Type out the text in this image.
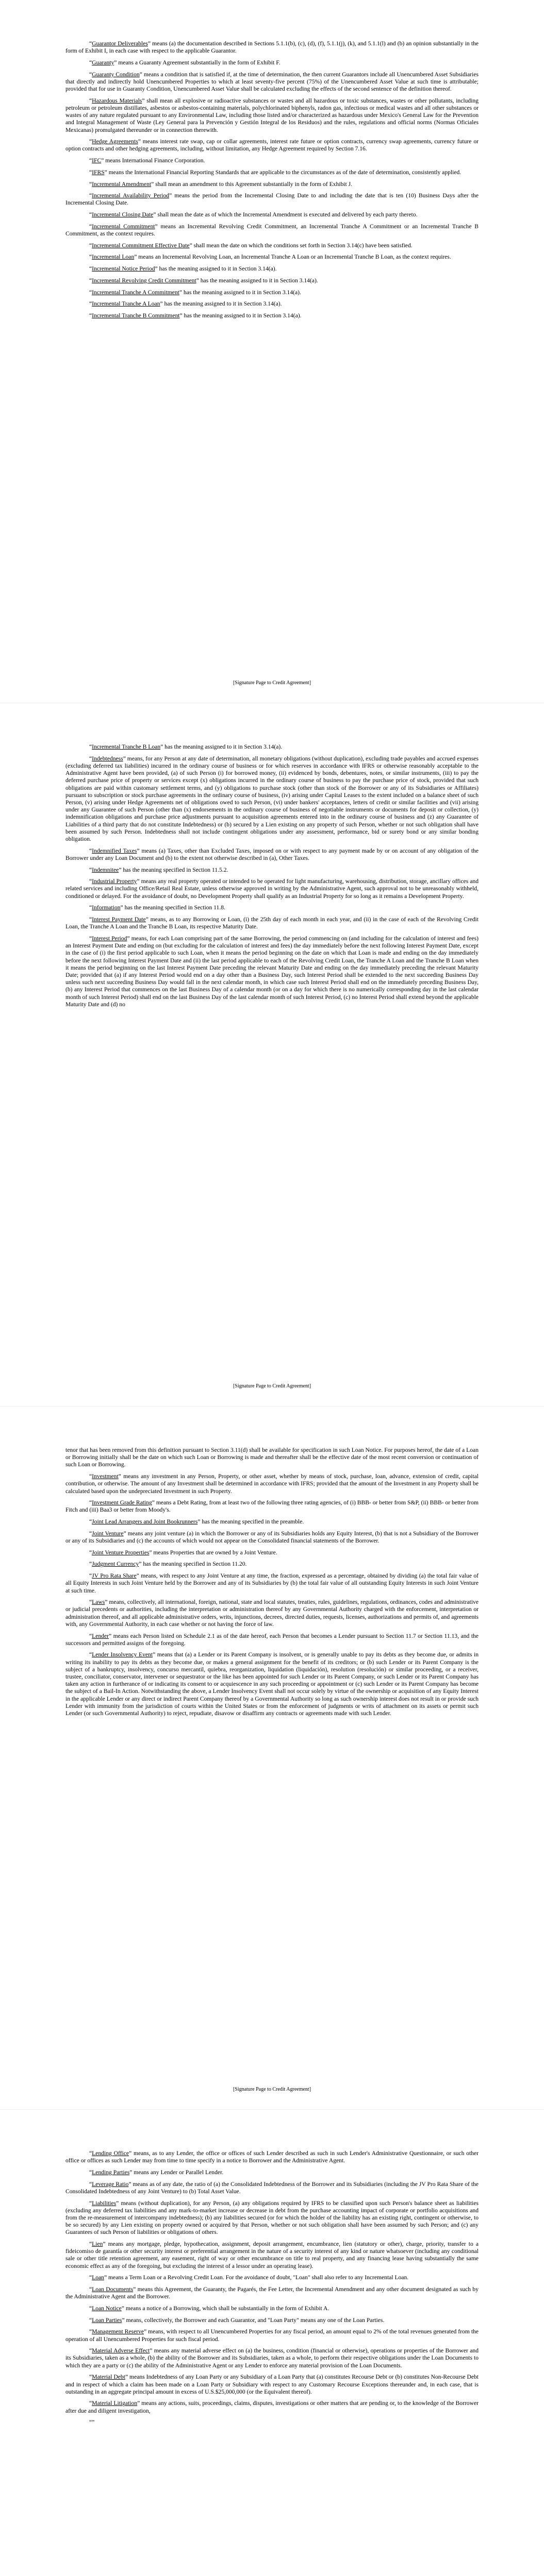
“Guarantor Deliverables” means (a) the documentation described in Sections 5.1.1(b), (c), (d), (f), 5.1.1(j), (k), and 5.1.1(l) and (b) an opinion substantially in the form of Exhibit I, in each case with respect to the applicable Guarantor.

“Guaranty” means a Guaranty Agreement substantially in the form of Exhibit F.

“Guaranty Condition” means a condition that is satisfied if, at the time of determination, the then current Guarantors include all Unencumbered Asset Subsidiaries that directly and indirectly hold Unencumbered Properties to which at least seventy-five percent (75%) of the Unencumbered Asset Value at such time is attributable; provided that for use in Guaranty Condition, Unencumbered Asset Value shall be calculated excluding the effects of the second sentence of the definition thereof.

“Hazardous Materials” shall mean all explosive or radioactive substances or wastes and all hazardous or toxic substances, wastes or other pollutants, including petroleum or petroleum distillates, asbestos or asbestos-containing materials, polychlorinated biphenyls, radon gas, infectious or medical wastes and all other substances or wastes of any nature regulated pursuant to any Environmental Law, including those listed and/or characterized as hazardous under Mexico's General Law for the Prevention and Integral Management of Waste (Ley General para la Prevención y Gestión Integral de los Residuos) and the rules, regulations and official norms (Normas Oficiales Mexicanas) promulgated thereunder or in connection therewith.

“Hedge Agreements” means interest rate swap, cap or collar agreements, interest rate future or option contracts, currency swap agreements, currency future or option contracts and other hedging agreements, including, without limitation, any Hedge Agreement required by Section 7.16.

“IFC” means International Finance Corporation.

“IFRS” means the International Financial Reporting Standards that are applicable to the circumstances as of the date of determination, consistently applied.

“Incremental Amendment” shall mean an amendment to this Agreement substantially in the form of Exhibit J.

“Incremental Availability Period” means the period from the Incremental Closing Date to and including the date that is ten (10) Business Days after the Incremental Closing Date.

“Incremental Closing Date” shall mean the date as of which the Incremental Amendment is executed and delivered by each party thereto.

“Incremental Commitment” means an Incremental Revolving Credit Commitment, an Incremental Tranche A Commitment or an Incremental Tranche B Commitment, as the context requires.

“Incremental Commitment Effective Date” shall mean the date on which the conditions set forth in Section 3.14(c) have been satisfied.

“Incremental Loan” means an Incremental Revolving Loan, an Incremental Tranche A Loan or an Incremental Tranche B Loan, as the context requires.

“Incremental Notice Period” has the meaning assigned to it in Section 3.14(a).

“Incremental Revolving Credit Commitment” has the meaning assigned to it in Section 3.14(a).

“Incremental Tranche A Commitment” has the meaning assigned to it in Section 3.14(a).

“Incremental Tranche A Loan” has the meaning assigned to it in Section 3.14(a).

“Incremental Tranche B Commitment” has the meaning assigned to it in Section 3.14(a).

[Signature Page to Credit Agreement]

“Incremental Tranche B Loan” has the meaning assigned to it in Section 3.14(a).

“Indebtedness” means, for any Person at any date of determination, all monetary obligations (without duplication), excluding trade payables and accrued expenses (excluding deferred tax liabilities) incurred in the ordinary course of business or for which reserves in accordance with IFRS or otherwise reasonably acceptable to the Administrative Agent have been provided, (a) of such Person (i) for borrowed money, (ii) evidenced by bonds, debentures, notes, or similar instruments, (iii) to pay the deferred purchase price of property or services except (x) obligations incurred in the ordinary course of business to pay the purchase price of stock, provided that such obligations are paid within customary settlement terms, and (y) obligations to purchase stock (other than stock of the Borrower or any of its Subsidiaries or Affiliates) pursuant to subscription or stock purchase agreements in the ordinary course of business, (iv) arising under Capital Leases to the extent included on a balance sheet of such Person, (v) arising under Hedge Agreements net of obligations owed to such Person, (vi) under bankers' acceptances, letters of credit or similar facilities and (vii) arising under any Guarantee of such Person (other than (x) endorsements in the ordinary course of business of negotiable instruments or documents for deposit or collection, (y) indemnification obligations and purchase price adjustments pursuant to acquisition agreements entered into in the ordinary course of business and (z) any Guarantee of Liabilities of a third party that do not constitute Indebtedness) or (b) secured by a Lien existing on any property of such Person, whether or not such obligation shall have been assumed by such Person. Indebtedness shall not include contingent obligations under any assessment, performance, bid or surety bond or any similar bonding obligation.

“Indemnified Taxes” means (a) Taxes, other than Excluded Taxes, imposed on or with respect to any payment made by or on account of any obligation of the Borrower under any Loan Document and (b) to the extent not otherwise described in (a), Other Taxes.

“Indemnitee” has the meaning specified in Section 11.5.2.

“Industrial Property” means any real property operated or intended to be operated for light manufacturing, warehousing, distribution, storage, ancillary offices and related services and including Office/Retail Real Estate, unless otherwise approved in writing by the Administrative Agent, such approval not to be unreasonably withheld, conditioned or delayed. For the avoidance of doubt, no Development Property shall qualify as an Industrial Property for so long as it remains a Development Property.

“Information” has the meaning specified in Section 11.8.

“Interest Payment Date” means, as to any Borrowing or Loan, (i) the 25th day of each month in each year, and (ii) in the case of each of the Revolving Credit Loan, the Tranche A Loan and the Tranche B Loan, its respective Maturity Date.

“Interest Period” means, for each Loan comprising part of the same Borrowing, the period commencing on (and including for the calculation of interest and fees) an Interest Payment Date and ending on (but excluding for the calculation of interest and fees) the day immediately before the next following Interest Payment Date, except in the case of (i) the first period applicable to such Loan, when it means the period beginning on the date on which that Loan is made and ending on the day immediately before the next following Interest Payment Date and (ii) the last period applicable to each of the Revolving Credit Loan, the Tranche A Loan and the Tranche B Loan when it means the period beginning on the last Interest Payment Date preceding the relevant Maturity Date and ending on the day immediately preceding the relevant Maturity Date; provided that (a) if any Interest Period would end on a day other than a Business Day, such Interest Period shall be extended to the next succeeding Business Day unless such next succeeding Business Day would fall in the next calendar month, in which case such Interest Period shall end on the immediately preceding Business Day, (b) any Interest Period that commences on the last Business Day of a calendar month (or on a day for which there is no numerically corresponding day in the last calendar month of such Interest Period) shall end on the last Business Day of the last calendar month of such Interest Period, (c) no Interest Period shall extend beyond the applicable Maturity Date and (d) no

[Signature Page to Credit Agreement]

tenor that has been removed from this definition pursuant to Section 3.11(d) shall be available for specification in such Loan Notice. For purposes hereof, the date of a Loan or Borrowing initially shall be the date on which such Loan or Borrowing is made and thereafter shall be the effective date of the most recent conversion or continuation of such Loan or Borrowing.

“Investment” means any investment in any Person, Property, or other asset, whether by means of stock, purchase, loan, advance, extension of credit, capital contribution, or otherwise. The amount of any Investment shall be determined in accordance with IFRS; provided that the amount of the Investment in any Property shall be calculated based upon the undepreciated Investment in such Property.

“Investment Grade Rating” means a Debt Rating, from at least two of the following three rating agencies, of (i) BBB- or better from S&P, (ii) BBB- or better from Fitch and (iii) Baa3 or better from Moody's.

“Joint Lead Arrangers and Joint Bookrunners” has the meaning specified in the preamble.

“Joint Venture” means any joint venture (a) in which the Borrower or any of its Subsidiaries holds any Equity Interest, (b) that is not a Subsidiary of the Borrower or any of its Subsidiaries and (c) the accounts of which would not appear on the Consolidated financial statements of the Borrower.

“Joint Venture Properties” means Properties that are owned by a Joint Venture.

“Judgment Currency” has the meaning specified in Section 11.20.

“JV Pro Rata Share” means, with respect to any Joint Venture at any time, the fraction, expressed as a percentage, obtained by dividing (a) the total fair value of all Equity Interests in such Joint Venture held by the Borrower and any of its Subsidiaries by (b) the total fair value of all outstanding Equity Interests in such Joint Venture at such time.

“Laws” means, collectively, all international, foreign, national, state and local statutes, treaties, rules, guidelines, regulations, ordinances, codes and administrative or judicial precedents or authorities, including the interpretation or administration thereof by any Governmental Authority charged with the enforcement, interpretation or administration thereof, and all applicable administrative orders, writs, injunctions, decrees, directed duties, requests, licenses, authorizations and permits of, and agreements with, any Governmental Authority, in each case whether or not having the force of law.

“Lender” means each Person listed on Schedule 2.1 as of the date hereof, each Person that becomes a Lender pursuant to Section 11.7 or Section 11.13, and the successors and permitted assigns of the foregoing.

“Lender Insolvency Event” means that (a) a Lender or its Parent Company is insolvent, or is generally unable to pay its debts as they become due, or admits in writing its inability to pay its debts as they become due, or makes a general assignment for the benefit of its creditors; or (b) such Lender or its Parent Company is the subject of a bankruptcy, insolvency, concurso mercantil, quiebra, reorganization, liquidation (liquidación), resolution (resolución) or similar proceeding, or a receiver, trustee, conciliator, conservator, intervener or sequestrator or the like has been appointed for such Lender or its Parent Company, or such Lender or its Parent Company has taken any action in furtherance of or indicating its consent to or acquiescence in any such proceeding or appointment or (c) such Lender or its Parent Company has become the subject of a Bail-In Action. Notwithstanding the above, a Lender Insolvency Event shall not occur solely by virtue of the ownership or acquisition of any Equity Interest in the applicable Lender or any direct or indirect Parent Company thereof by a Governmental Authority so long as such ownership interest does not result in or provide such Lender with immunity from the jurisdiction of courts within the United States or from the enforcement of judgments or writs of attachment on its assets or permit such Lender (or such Governmental Authority) to reject, repudiate, disavow or disaffirm any contracts or agreements made with such Lender.

[Signature Page to Credit Agreement]

“Lending Office” means, as to any Lender, the office or offices of such Lender described as such in such Lender's Administrative Questionnaire, or such other office or offices as such Lender may from time to time specify in a notice to Borrower and the Administrative Agent.

“Lending Parties” means any Lender or Parallel Lender.

“Leverage Ratio” means as of any date, the ratio of (a) the Consolidated Indebtedness of the Borrower and its Subsidiaries (including the JV Pro Rata Share of the Consolidated Indebtedness of any Joint Venture) to (b) Total Asset Value.

“Liabilities” means (without duplication), for any Person, (a) any obligations required by IFRS to be classified upon such Person's balance sheet as liabilities (excluding any deferred tax liabilities and any mark-to-market increase or decrease in debt from the purchase accounting impact of corporate or portfolio acquisitions and from the re-measurement of intercompany indebtedness); (b) any liabilities secured (or for which the holder of the liability has an existing right, contingent or otherwise, to be so secured) by any Lien existing on property owned or acquired by that Person, whether or not such obligation shall have been assumed by such Person; and (c) any Guarantees of such Person of liabilities or obligations of others.

“Lien” means any mortgage, pledge, hypothecation, assignment, deposit arrangement, encumbrance, lien (statutory or other), charge, priority, transfer to a fideicomiso de garantía or other security interest or preferential arrangement in the nature of a security interest of any kind or nature whatsoever (including any conditional sale or other title retention agreement, any easement, right of way or other encumbrance on title to real property, and any financing lease having substantially the same economic effect as any of the foregoing, but excluding the interest of a lessor under an operating lease).

“Loan” means a Term Loan or a Revolving Credit Loan. For the avoidance of doubt, "Loan" shall also refer to any Incremental Loan.

“Loan Documents” means this Agreement, the Guaranty, the Pagarés, the Fee Letter, the Incremental Amendment and any other document designated as such by the Administrative Agent and the Borrower.

“Loan Notice” means a notice of a Borrowing, which shall be substantially in the form of Exhibit A.

“Loan Parties” means, collectively, the Borrower and each Guarantor, and "Loan Party" means any one of the Loan Parties.

“Management Reserve” means, with respect to all Unencumbered Properties for any fiscal period, an amount equal to 2% of the total revenues generated from the operation of all Unencumbered Properties for such fiscal period.

“Material Adverse Effect” means any material adverse effect on (a) the business, condition (financial or otherwise), operations or properties of the Borrower and its Subsidiaries, taken as a whole, (b) the ability of the Borrower and its Subsidiaries, taken as a whole, to perform their respective obligations under the Loan Documents to which they are a party or (c) the ability of the Administrative Agent or any Lender to enforce any material provision of the Loan Documents.

“Material Debt” means Indebtedness of any Loan Party or any Subsidiary of a Loan Party that (a) constitutes Recourse Debt or (b) constitutes Non-Recourse Debt and in respect of which a claim has been made on a Loan Party or Subsidiary with respect to any Customary Recourse Exceptions thereunder and, in each case, that is outstanding in an aggregate principal amount in excess of U.S.$25,000,000 (or the Equivalent thereof).

“Material Litigation” means any actions, suits, proceedings, claims, disputes, investigations or other matters that are pending or, to the knowledge of the Borrower after due and diligent investigation,

“”
